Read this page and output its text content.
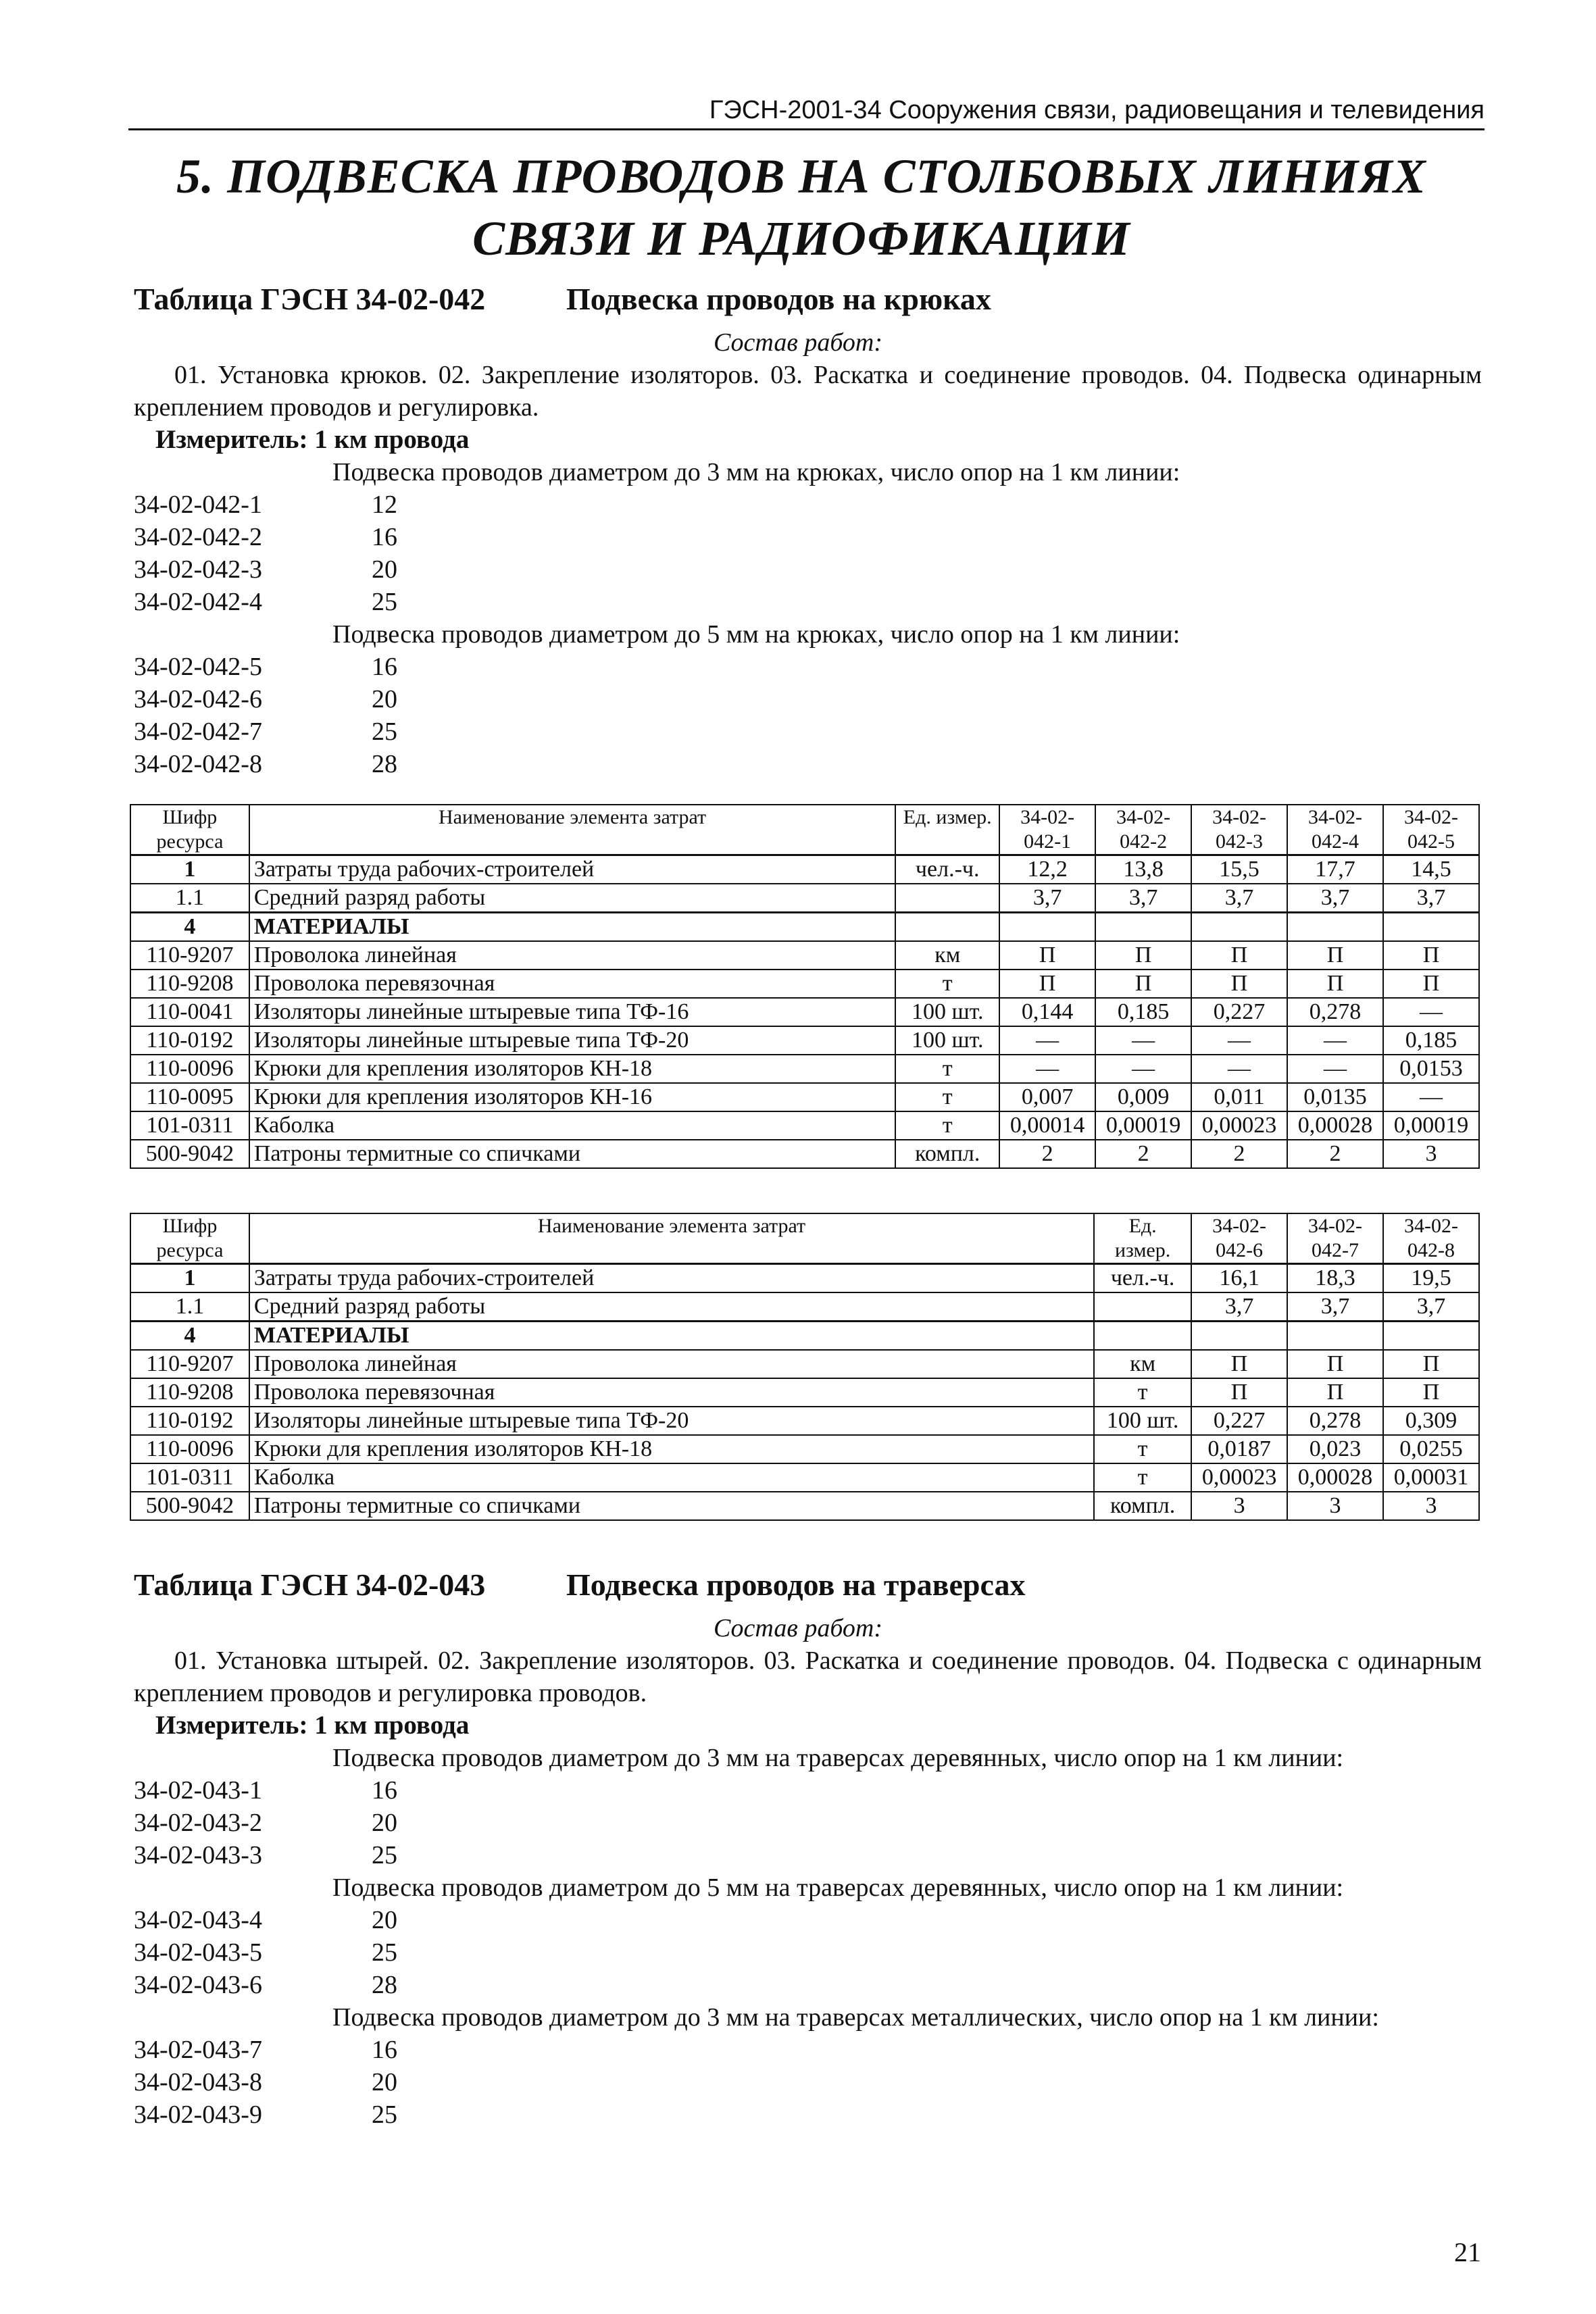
ГЭСН-2001-34 Сооружения связи, радиовещания и телевидения
5. ПОДВЕСКА ПРОВОДОВ НА СТОЛБОВЫХ ЛИНИЯХ СВЯЗИ И РАДИОФИКАЦИИ
Таблица ГЭСН 34-02-042	Подвеска проводов на крюках
Состав работ:
01. Установка крюков. 02. Закрепление изоляторов. 03. Раскатка и соединение проводов. 04. Подвеска одинарным креплением проводов и регулировка.
Измеритель: 1 км провода
Подвеска проводов диаметром до 3 мм на крюках, число опор на 1 км линии:
34-02-042-1	12
34-02-042-2	16
34-02-042-3	20
34-02-042-4	25
Подвеска проводов диаметром до 5 мм на крюках, число опор на 1 км линии:
34-02-042-5	16
34-02-042-6	20
34-02-042-7	25
34-02-042-8	28
Шифр ресурса	Наименование элемента затрат	Ед. измер.	34-02-042-1	34-02-042-2	34-02-042-3	34-02-042-4	34-02-042-5
1	Затраты труда рабочих-строителей	чел.-ч.	12,2	13,8	15,5	17,7	14,5
1.1	Средний разряд работы		3,7	3,7	3,7	3,7	3,7
4	МАТЕРИАЛЫ						
110-9207	Проволока линейная	км	П	П	П	П	П
110-9208	Проволока перевязочная	т	П	П	П	П	П
110-0041	Изоляторы линейные штыревые типа ТФ-16	100 шт.	0,144	0,185	0,227	0,278	—
110-0192	Изоляторы линейные штыревые типа ТФ-20	100 шт.	—	—	—	—	0,185
110-0096	Крюки для крепления изоляторов КН-18	т	—	—	—	—	0,0153
110-0095	Крюки для крепления изоляторов КН-16	т	0,007	0,009	0,011	0,0135	—
101-0311	Каболка	т	0,00014	0,00019	0,00023	0,00028	0,00019
500-9042	Патроны термитные со спичками	компл.	2	2	2	2	3
Шифр ресурса	Наименование элемента затрат	Ед. измер.	34-02-042-6	34-02-042-7	34-02-042-8
1	Затраты труда рабочих-строителей	чел.-ч.	16,1	18,3	19,5
1.1	Средний разряд работы		3,7	3,7	3,7
4	МАТЕРИАЛЫ				
110-9207	Проволока линейная	км	П	П	П
110-9208	Проволока перевязочная	т	П	П	П
110-0192	Изоляторы линейные штыревые типа ТФ-20	100 шт.	0,227	0,278	0,309
110-0096	Крюки для крепления изоляторов КН-18	т	0,0187	0,023	0,0255
101-0311	Каболка	т	0,00023	0,00028	0,00031
500-9042	Патроны термитные со спичками	компл.	3	3	3
Таблица ГЭСН 34-02-043	Подвеска проводов на траверсах
Состав работ:
01. Установка штырей. 02. Закрепление изоляторов. 03. Раскатка и соединение проводов. 04. Подвеска с одинарным креплением проводов и регулировка проводов.
Измеритель: 1 км провода
Подвеска проводов диаметром до 3 мм на траверсах деревянных, число опор на 1 км линии:
34-02-043-1	16
34-02-043-2	20
34-02-043-3	25
Подвеска проводов диаметром до 5 мм на траверсах деревянных, число опор на 1 км линии:
34-02-043-4	20
34-02-043-5	25
34-02-043-6	28
Подвеска проводов диаметром до 3 мм на траверсах металлических, число опор на 1 км линии:
34-02-043-7	16
34-02-043-8	20
34-02-043-9	25
21
